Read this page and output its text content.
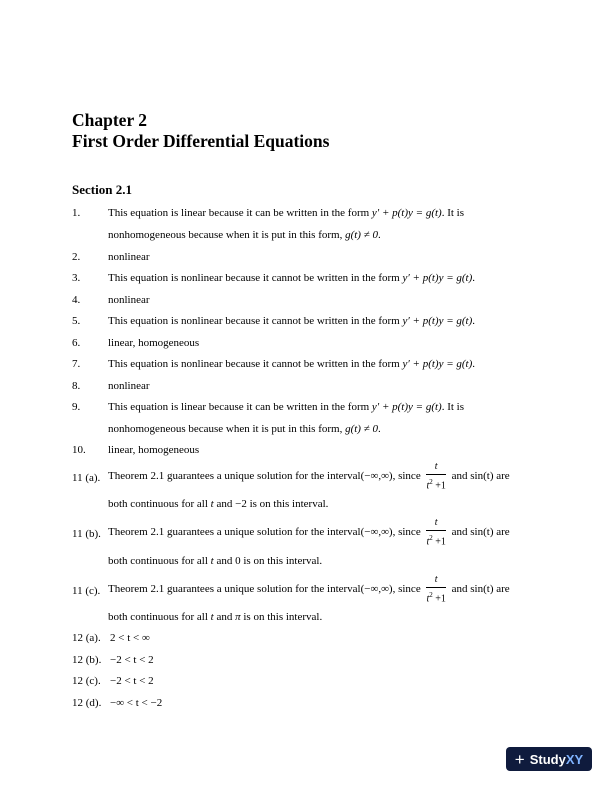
Chapter 2
First Order Differential Equations
Section 2.1
1.	This equation is linear because it can be written in the form y′ + p(t)y = g(t). It is
nonhomogeneous because when it is put in this form, g(t) ≠ 0.
2.	nonlinear
3.	This equation is nonlinear because it cannot be written in the form y′ + p(t)y = g(t).
4.	nonlinear
5.	This equation is nonlinear because it cannot be written in the form y′ + p(t)y = g(t).
6.	linear, homogeneous
7.	This equation is nonlinear because it cannot be written in the form y′ + p(t)y = g(t).
8.	nonlinear
9.	This equation is linear because it can be written in the form y′ + p(t)y = g(t). It is
nonhomogeneous because when it is put in this form, g(t) ≠ 0.
10. linear, homogeneous
11 (a). Theorem 2.1 guarantees a unique solution for the interval(−∞,∞), since $\frac{t}{t^2 +1}$ and sin(t) are
both continuous for all t and −2 is on this interval.
11 (b). Theorem 2.1 guarantees a unique solution for the interval(−∞,∞), since $\frac{t}{t^2 +1}$ and sin(t) are
both continuous for all t and 0 is on this interval.
11 (c). Theorem 2.1 guarantees a unique solution for the interval(−∞,∞), since $\frac{t}{t^2 +1}$ and sin(t) are
both continuous for all t and π is on this interval.
12 (a). 2 < t < ∞
12 (b). −2 < t < 2
12 (c). −2 < t < 2
12 (d). −∞ < t < −2
+ Study XY
